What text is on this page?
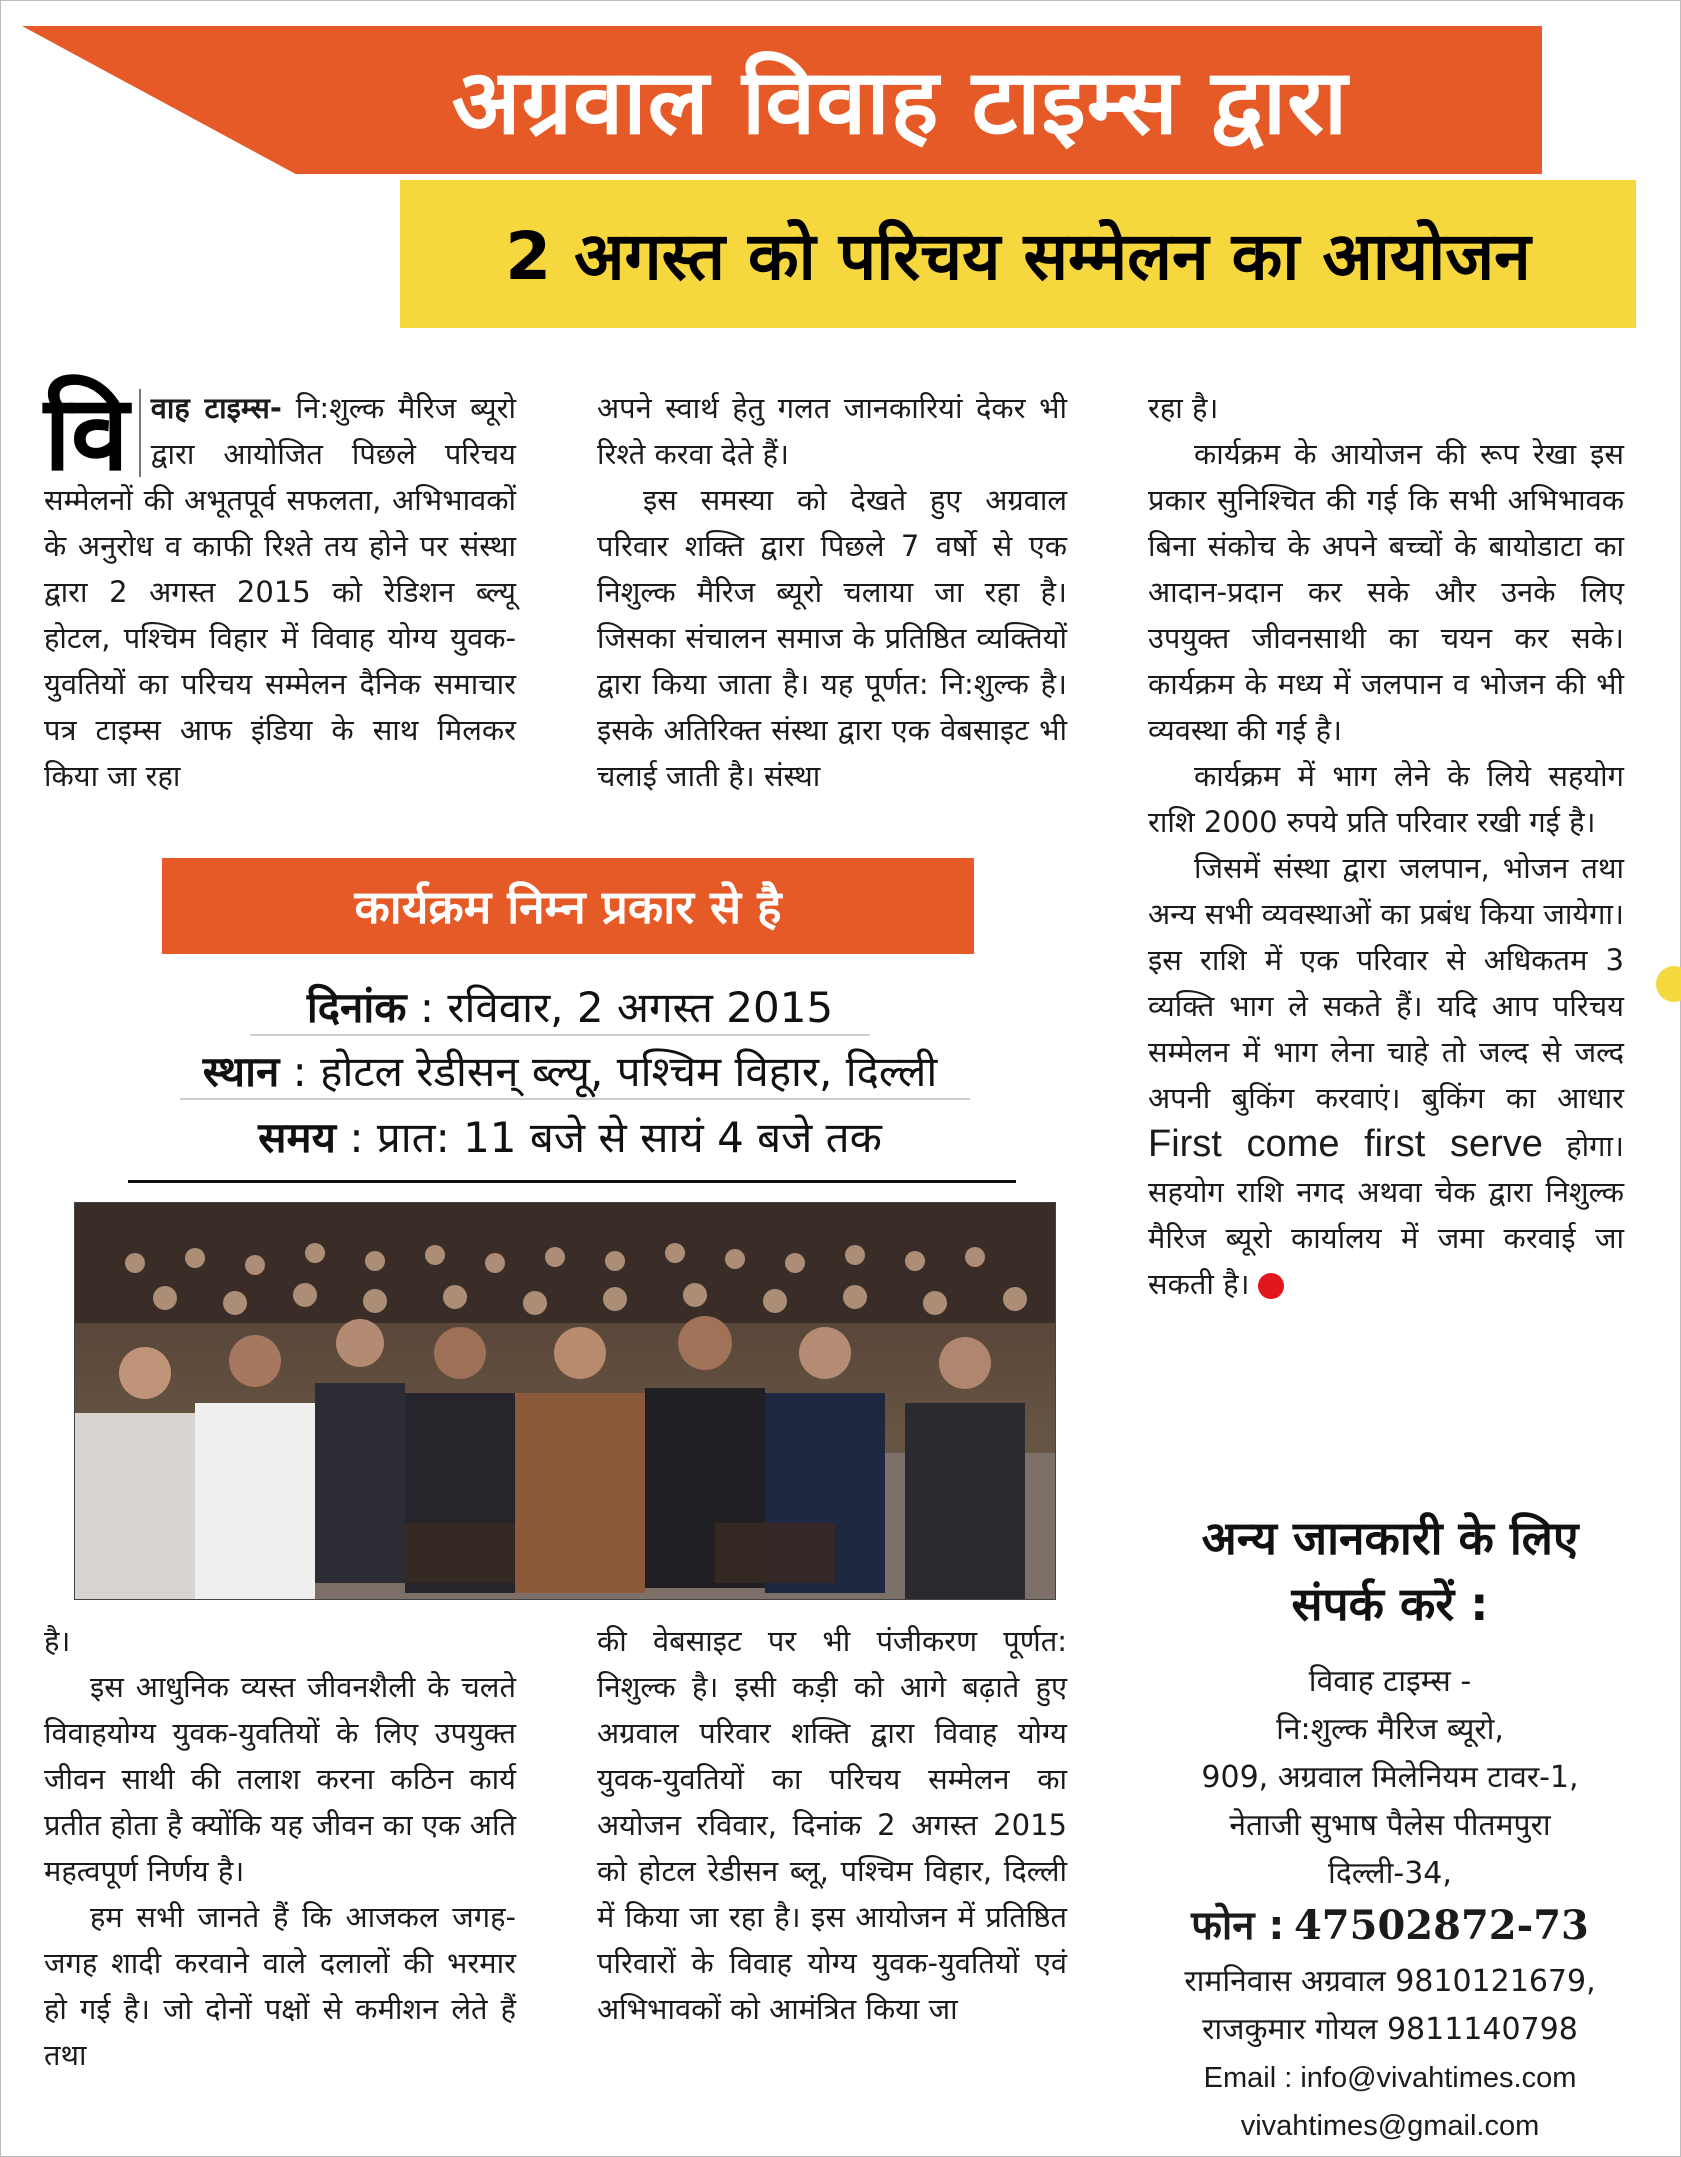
अग्रवाल विवाह टाइम्स द्वारा
2 अगस्त को परिचय सम्मेलन का आयोजन

वि वाह टाइम्स- नि:शुल्क मैरिज ब्यूरो द्वारा आयोजित पिछले परिचय सम्मेलनों की अभूतपूर्व सफलता, अभिभावकों के अनुरोध व काफी रिश्ते तय होने पर संस्था द्वारा 2 अगस्त 2015 को रेडिशन ब्ल्यू होटल, पश्चिम विहार में विवाह योग्य युवक-युवतियों का परिचय सम्मेलन दैनिक समाचार पत्र टाइम्स आफ इंडिया के साथ मिलकर किया जा रहा

अपने स्वार्थ हेतु गलत जानकारियां देकर भी रिश्ते करवा देते हैं।

इस समस्या को देखते हुए अग्रवाल परिवार शक्ति द्वारा पिछले 7 वर्षो से एक निशुल्क मैरिज ब्यूरो चलाया जा रहा है। जिसका संचालन समाज के प्रतिष्ठित व्यक्तियों द्वारा किया जाता है। यह पूर्णत: नि:शुल्क है। इसके अतिरिक्त संस्था द्वारा एक वेबसाइट भी चलाई जाती है। संस्था

रहा है।

कार्यक्रम के आयोजन की रूप रेखा इस प्रकार सुनिश्चित की गई कि सभी अभिभावक बिना संकोच के अपने बच्चों के बायोडाटा का आदान-प्रदान कर सके और उनके लिए उपयुक्त जीवनसाथी का चयन कर सके। कार्यक्रम के मध्य में जलपान व भोजन की भी व्यवस्था की गई है।

कार्यक्रम में भाग लेने के लिये सहयोग राशि 2000 रुपये प्रति परिवार रखी गई है।

जिसमें संस्था द्वारा जलपान, भोजन तथा अन्य सभी व्यवस्थाओं का प्रबंध किया जायेगा। इस राशि में एक परिवार से अधिकतम 3 व्यक्ति भाग ले सकते हैं। यदि आप परिचय सम्मेलन में भाग लेना चाहे तो जल्द से जल्द अपनी बुकिंग करवाएं। बुकिंग का आधार First come first serve होगा। सहयोग राशि नगद अथवा चेक द्वारा निशुल्क मैरिज ब्यूरो कार्यालय में जमा करवाई जा सकती है।

कार्यक्रम निम्न प्रकार से है
दिनांक : रविवार, 2 अगस्त 2015
स्थान : होटल रेडीसन् ब्ल्यू, पश्चिम विहार, दिल्ली
समय : प्रात: 11 बजे से सायं 4 बजे तक

है।

इस आधुनिक व्यस्त जीवनशैली के चलते विवाहयोग्य युवक-युवतियों के लिए उपयुक्त जीवन साथी की तलाश करना कठिन कार्य प्रतीत होता है क्योंकि यह जीवन का एक अति महत्वपूर्ण निर्णय है।

हम सभी जानते हैं कि आजकल जगह-जगह शादी करवाने वाले दलालों की भरमार हो गई है। जो दोनों पक्षों से कमीशन लेते हैं तथा

की वेबसाइट पर भी पंजीकरण पूर्णत: निशुल्क है। इसी कड़ी को आगे बढ़ाते हुए अग्रवाल परिवार शक्ति द्वारा विवाह योग्य युवक-युवतियों का परिचय सम्मेलन का अयोजन रविवार, दिनांक 2 अगस्त 2015 को होटल रेडीसन ब्लू, पश्चिम विहार, दिल्ली में किया जा रहा है। इस आयोजन में प्रतिष्ठित परिवारों के विवाह योग्य युवक-युवतियों एवं अभिभावकों को आमंत्रित किया जा

अन्य जानकारी के लिए
संपर्क करें :
विवाह टाइम्स -
नि:शुल्क मैरिज ब्यूरो,
909, अग्रवाल मिलेनियम टावर-1,
नेताजी सुभाष पैलेस पीतमपुरा
दिल्ली-34,
फोन : 47502872-73
रामनिवास अग्रवाल 9810121679,
राजकुमार गोयल 9811140798
Email : info@vivahtimes.com
vivahtimes@gmail.com
